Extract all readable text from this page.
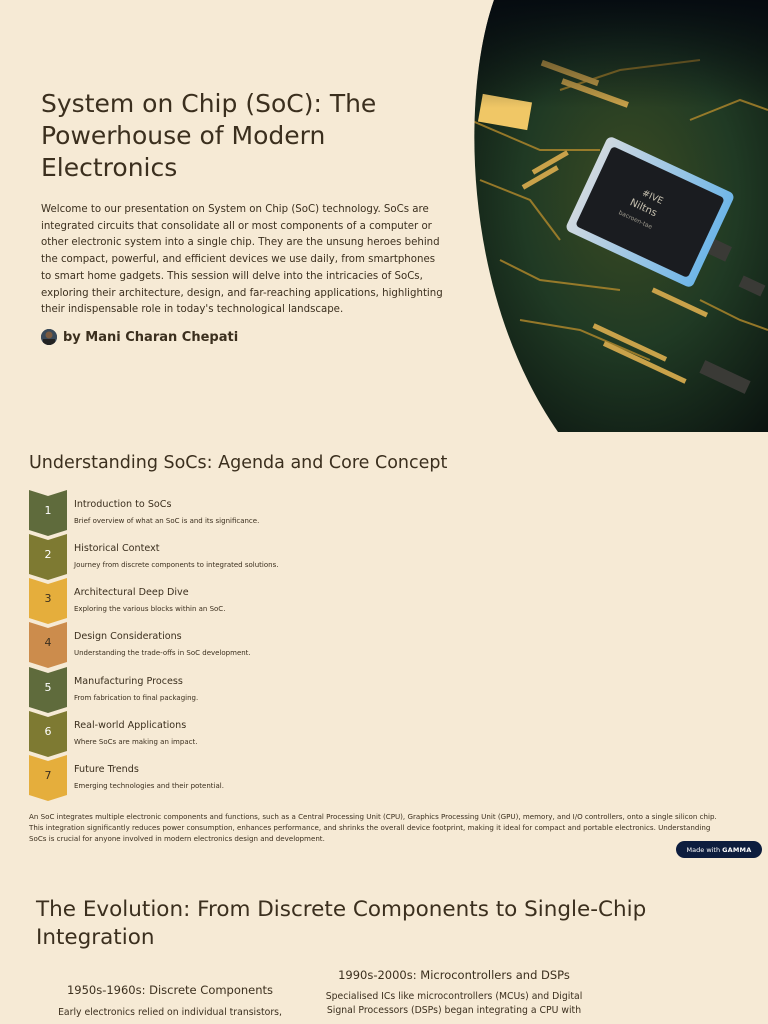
System on Chip (SoC): The Powerhouse of Modern Electronics

Welcome to our presentation on System on Chip (SoC) technology. SoCs are integrated circuits that consolidate all or most components of a computer or other electronic system into a single chip. They are the unsung heroes behind the compact, powerful, and efficient devices we use daily, from smartphones to smart home gadgets. This session will delve into the intricacies of SoCs, exploring their architecture, design, and far-reaching applications, highlighting their indispensable role in today's technological landscape.

by Mani Charan Chepati
Understanding SoCs: Agenda and Core Concept
1	Introduction to SoCs
Brief overview of what an SoC is and its significance.
2	Historical Context
Journey from discrete components to integrated solutions.
3	Architectural Deep Dive
Exploring the various blocks within an SoC.
4	Design Considerations
Understanding the trade-offs in SoC development.
5	Manufacturing Process
From fabrication to final packaging.
6	Real-world Applications
Where SoCs are making an impact.
7	Future Trends
Emerging technologies and their potential.

An SoC integrates multiple electronic components and functions, such as a Central Processing Unit (CPU), Graphics Processing Unit (GPU), memory, and I/O controllers, onto a single silicon chip. This integration significantly reduces power consumption, enhances performance, and shrinks the overall device footprint, making it ideal for compact and portable electronics. Understanding SoCs is crucial for anyone involved in modern electronics design and development.

Made with GAMMA
The Evolution: From Discrete Components to Single-Chip Integration
1950s-1960s: Discrete Components
Early electronics relied on individual transistors,
1990s-2000s: Microcontrollers and DSPs
Specialised ICs like microcontrollers (MCUs) and Digital Signal Processors (DSPs) began integrating a CPU with
